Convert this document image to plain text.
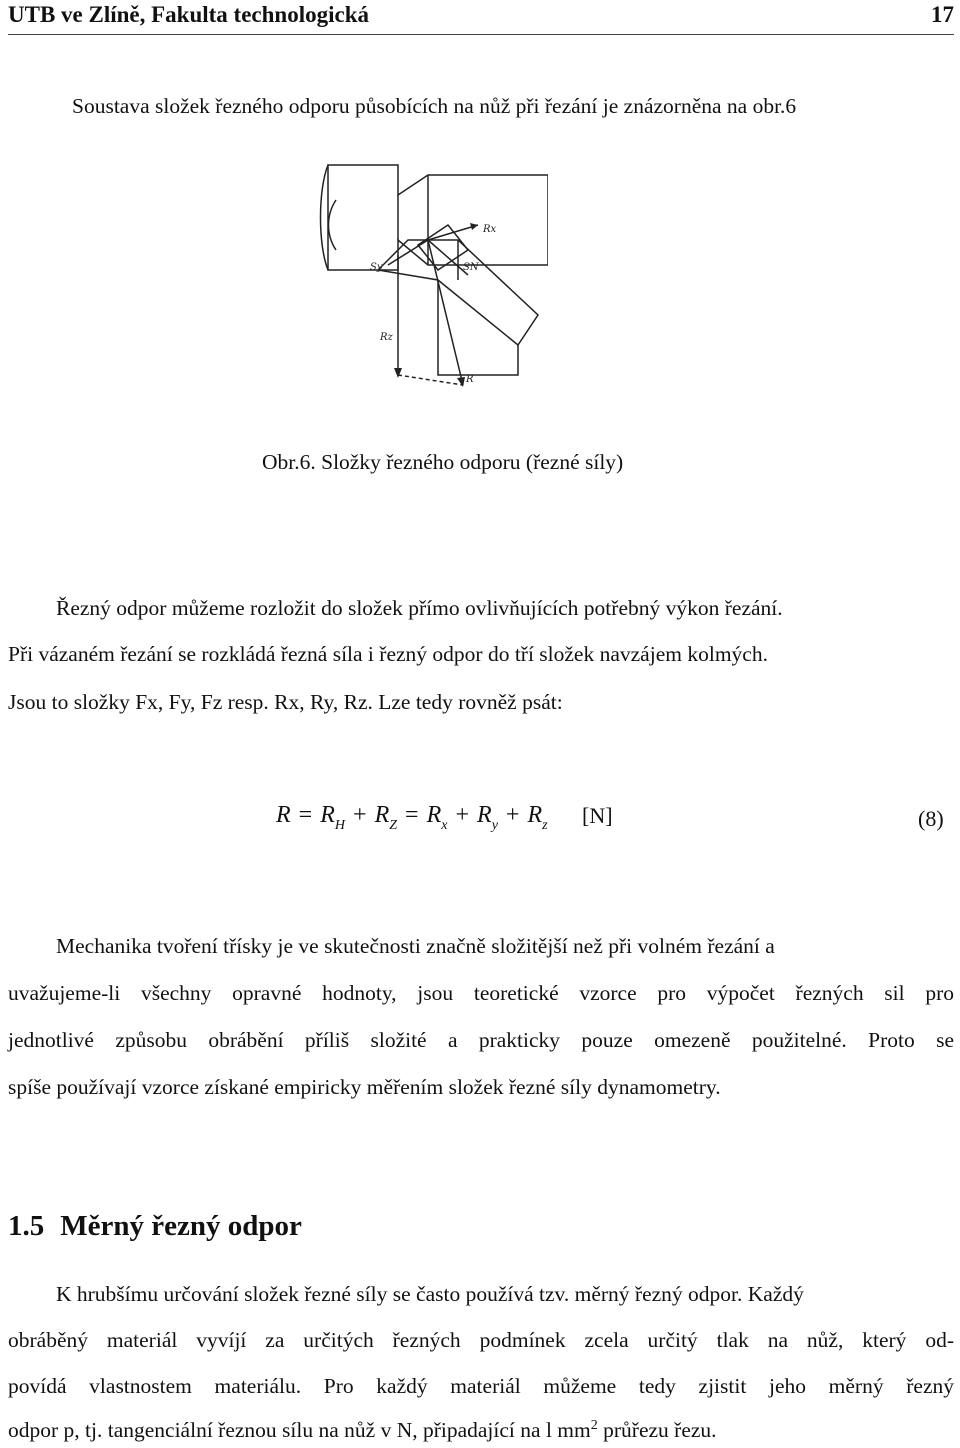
UTB ve Zlíně, Fakulta technologická	17
Soustava složek řezného odporu působících na nůž při řezání je znázorněna na obr.6
Rx
Sy	SN
Rz
R
Obr.6. Složky řezného odporu (řezné síly)
Řezný odpor můžeme rozložit do složek přímo ovlivňujících potřebný výkon řezání.
Při vázaném řezání se rozkládá řezná síla i řezný odpor do tří složek navzájem kolmých.
Jsou to složky Fx, Fy, Fz resp. Rx, Ry, Rz. Lze tedy rovněž psát:
$R = R_H + R_Z = R_x + R_y + R_z$ [N]	(8)
Mechanika tvoření třísky je ve skutečnosti značně složitější než při volném řezání a
uvažujeme-li všechny opravné hodnoty, jsou teoretické vzorce pro výpočet řezných sil pro
jednotlivé způsobu obrábění příliš složité a prakticky pouze omezeně použitelné. Proto se
spíše používají vzorce získané empiricky měřením složek řezné síly dynamometry.
1.5 Měrný řezný odpor
K hrubšímu určování složek řezné síly se často používá tzv. měrný řezný odpor. Každý
obráběný materiál vyvíjí za určitých řezných podmínek zcela určitý tlak na nůž, který od-
povídá vlastnostem materiálu. Pro každý materiál můžeme tedy zjistit jeho měrný řezný
odpor p, tj. tangenciální řeznou sílu na nůž v N, připadající na l $mm^2$ průřezu řezu.
